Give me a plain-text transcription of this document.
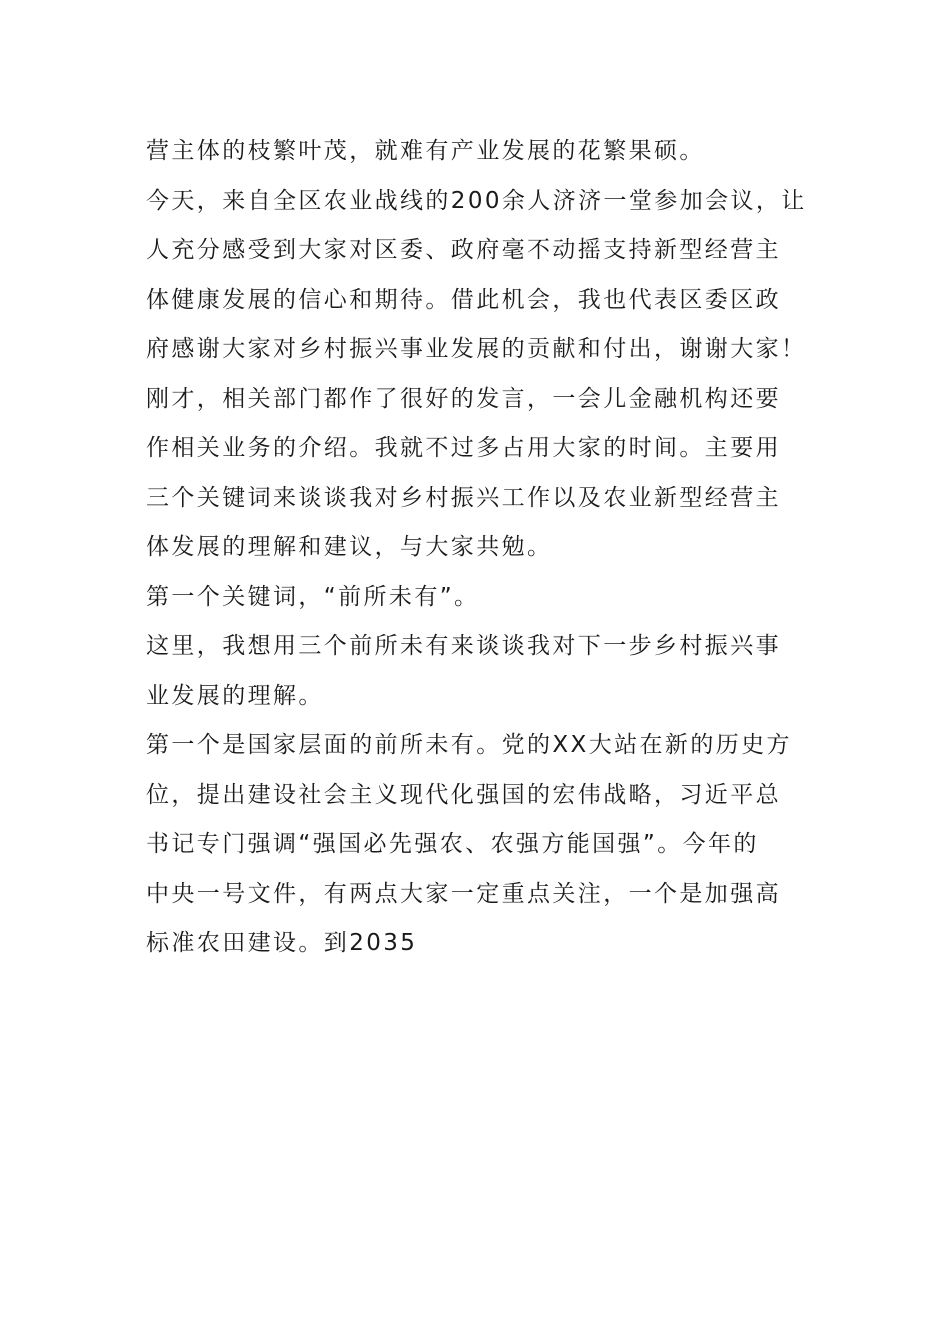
营主体的枝繁叶茂，就难有产业发展的花繁果硕。
今天，来自全区农业战线的200余人济济一堂参加会议，让
人充分感受到大家对区委、政府毫不动摇支持新型经营主
体健康发展的信心和期待。借此机会，我也代表区委区政
府感谢大家对乡村振兴事业发展的贡献和付出，谢谢大家！
刚才，相关部门都作了很好的发言，一会儿金融机构还要
作相关业务的介绍。我就不过多占用大家的时间。主要用
三个关键词来谈谈我对乡村振兴工作以及农业新型经营主
体发展的理解和建议，与大家共勉。
第一个关键词，“前所未有”。
这里，我想用三个前所未有来谈谈我对下一步乡村振兴事
业发展的理解。
第一个是国家层面的前所未有。党的XX大站在新的历史方
位，提出建设社会主义现代化强国的宏伟战略，习近平总
书记专门强调“强国必先强农、农强方能国强”。今年的
中央一号文件，有两点大家一定重点关注，一个是加强高
标准农田建设。到2035
